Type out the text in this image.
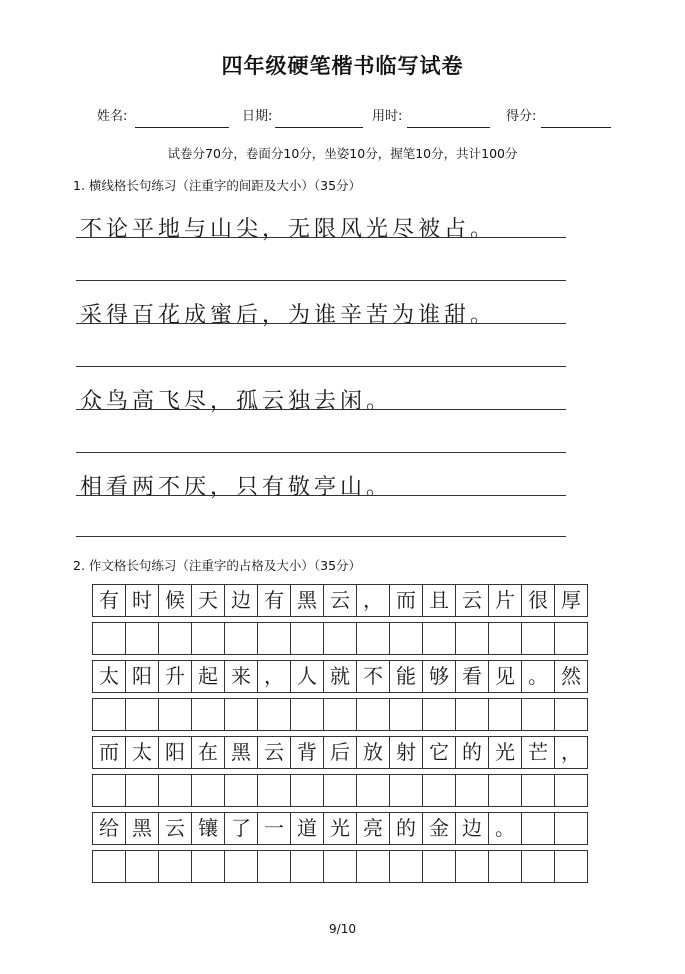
四年级硬笔楷书临写试卷
姓名:	日期:	用时:	得分:
试卷分70分，卷面分10分，坐姿10分，握笔10分，共计100分
1. 横线格长句练习（注重字的间距及大小）（35分）
不论平地与山尖，无限风光尽被占。
采得百花成蜜后，为谁辛苦为谁甜。
众鸟高飞尽，孤云独去闲。
相看两不厌，只有敬亭山。
2. 作文格长句练习（注重字的占格及大小）（35分）
有 时 候 天 边 有 黑 云 ， 而 且 云 片 很 厚
太 阳 升 起 来 ， 人 就 不 能 够 看 见 。 然
而 太 阳 在 黑 云 背 后 放 射 它 的 光 芒 ，
给 黑 云 镶 了 一 道 光 亮 的 金 边 。
9/10
